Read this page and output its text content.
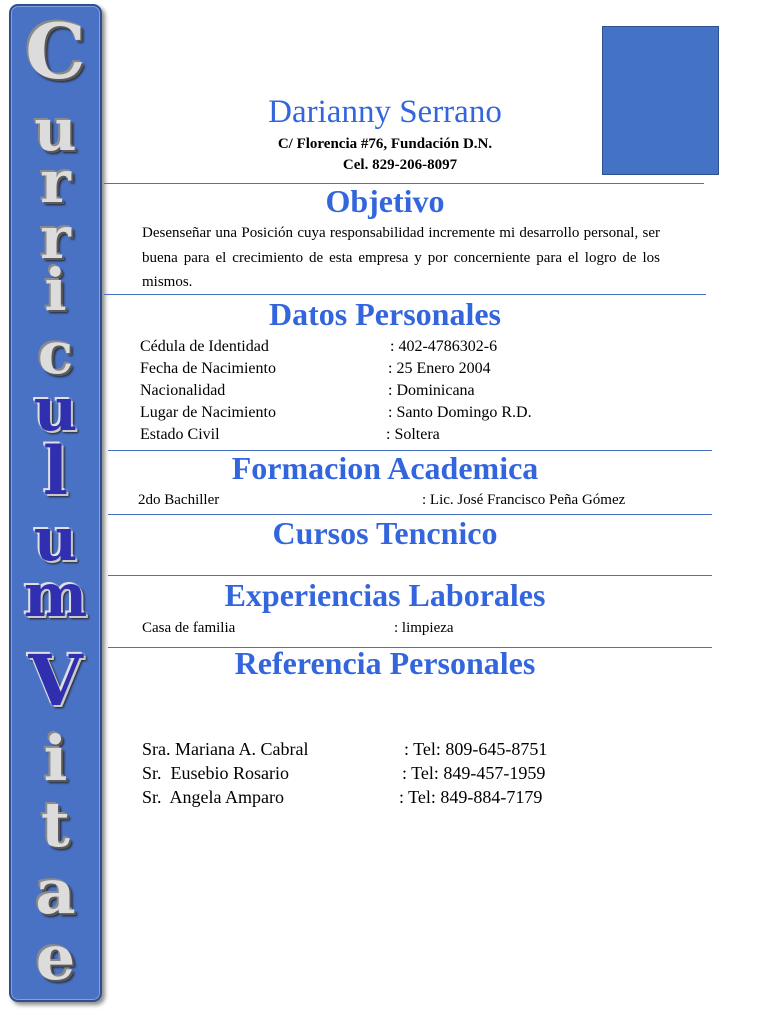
C
u
r
r
i
c
u
l
u
m
V
i
t
a
e
Darianny Serrano
C/ Florencia #76, Fundación D.N.
Cel. 829-206-8097
Objetivo
Desenseñar una Posición cuya responsabilidad incremente mi desarrollo personal, ser buena para el crecimiento de esta empresa y por concerniente para el logro de los mismos.
Datos Personales
Cédula de Identidad	: 402-4786302-6
Fecha de Nacimiento	: 25 Enero 2004
Nacionalidad	: Dominicana
Lugar de Nacimiento	: Santo Domingo R.D.
Estado Civil	: Soltera
Formacion Academica
2do Bachiller	: Lic. José Francisco Peña Gómez
Cursos Tencnico
Experiencias Laborales
Casa de familia	: limpieza
Referencia Personales
Sra. Mariana A. Cabral	: Tel: 809-645-8751
Sr.  Eusebio Rosario	: Tel: 849-457-1959
Sr.  Angela Amparo	: Tel: 849-884-7179
